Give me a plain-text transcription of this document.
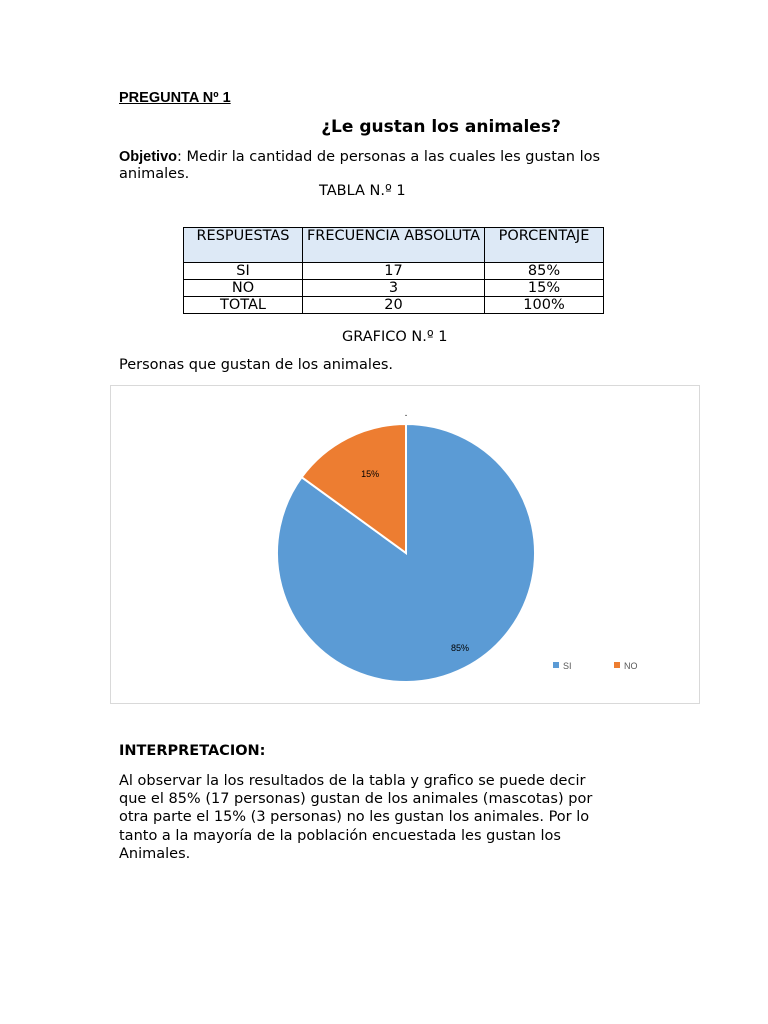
PREGUNTA Nº 1
¿Le gustan los animales?
Objetivo: Medir la cantidad de personas a las cuales les gustan los animales.
TABLA N.º 1
RESPUESTAS	FRECUENCIA ABSOLUTA	PORCENTAJE
SI	17	85%
NO	3	15%
TOTAL	20	100%
GRAFICO N.º 1
Personas que gustan de los animales.
.
85%
15%
SI	NO
INTERPRETACION:
Al observar la los resultados de la tabla y grafico se puede decir que el 85% (17 personas) gustan de los animales (mascotas) por otra parte el 15% (3 personas) no les gustan los animales. Por lo tanto a la mayoría de la población encuestada les gustan los Animales.
